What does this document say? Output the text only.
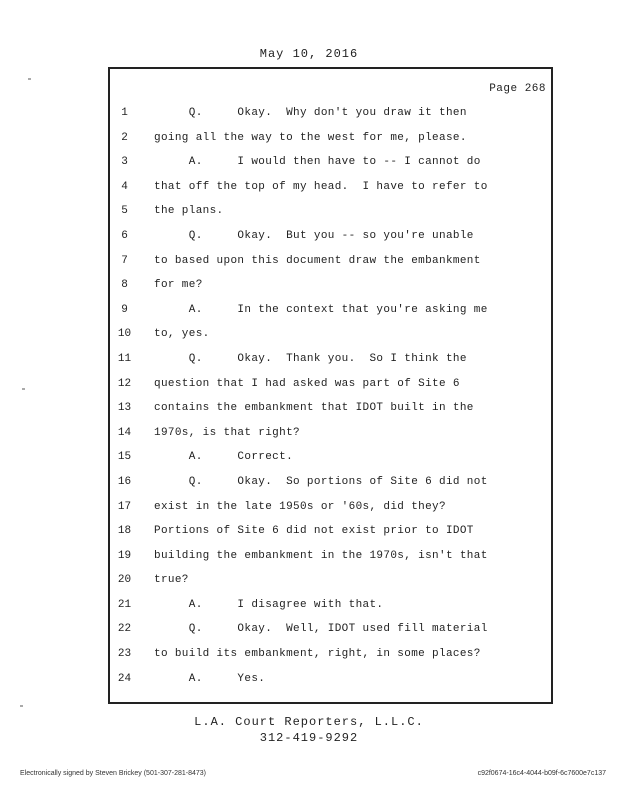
May 10, 2016
Page 268
1	Q.     Okay.  Why don't you draw it then
2	going all the way to the west for me, please.
3	A.     I would then have to -- I cannot do
4	that off the top of my head.  I have to refer to
5	the plans.
6	Q.     Okay.  But you -- so you're unable
7	to based upon this document draw the embankment
8	for me?
9	A.     In the context that you're asking me
10	to, yes.
11	Q.     Okay.  Thank you.  So I think the
12	question that I had asked was part of Site 6
13	contains the embankment that IDOT built in the
14	1970s, is that right?
15	A.     Correct.
16	Q.     Okay.  So portions of Site 6 did not
17	exist in the late 1950s or '60s, did they?
18	Portions of Site 6 did not exist prior to IDOT
19	building the embankment in the 1970s, isn't that
20	true?
21	A.     I disagree with that.
22	Q.     Okay.  Well, IDOT used fill material
23	to build its embankment, right, in some places?
24	A.     Yes.
L.A. Court Reporters, L.L.C.
312-419-9292
Electronically signed by Steven Brickey (501-307-281-8473)	c92f0674-16c4-4044-b09f-6c7600e7c137
